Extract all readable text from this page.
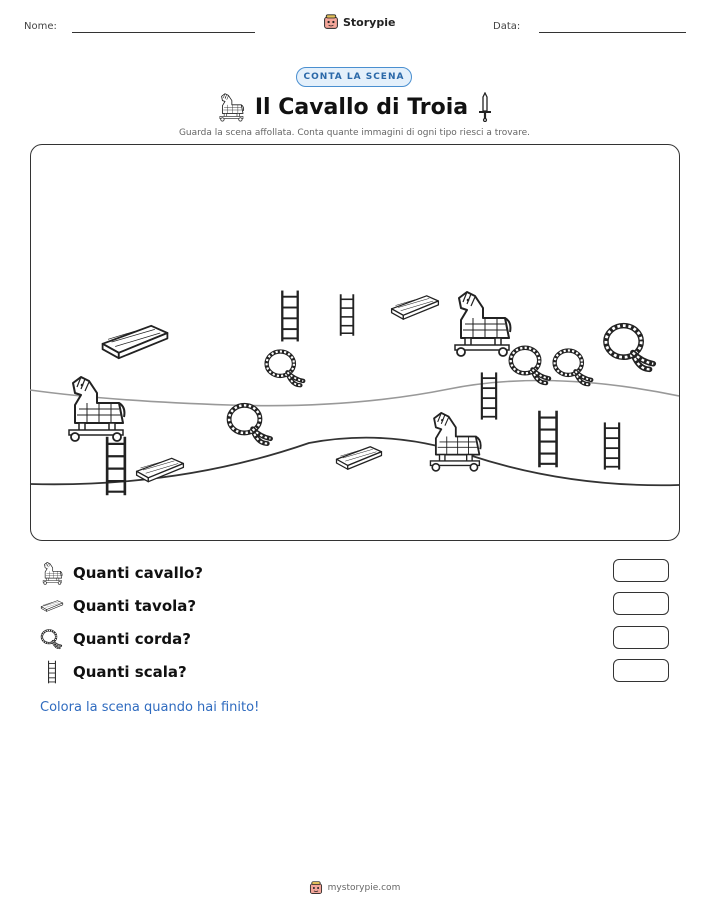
Nome:	Storypie	Data:
CONTA LA SCENA
Il Cavallo di Troia
Guarda la scena affollata. Conta quante immagini di ogni tipo riesci a trovare.
Quanti cavallo?
Quanti tavola?
Quanti corda?
Quanti scala?
Colora la scena quando hai finito!
mystorypie.com
